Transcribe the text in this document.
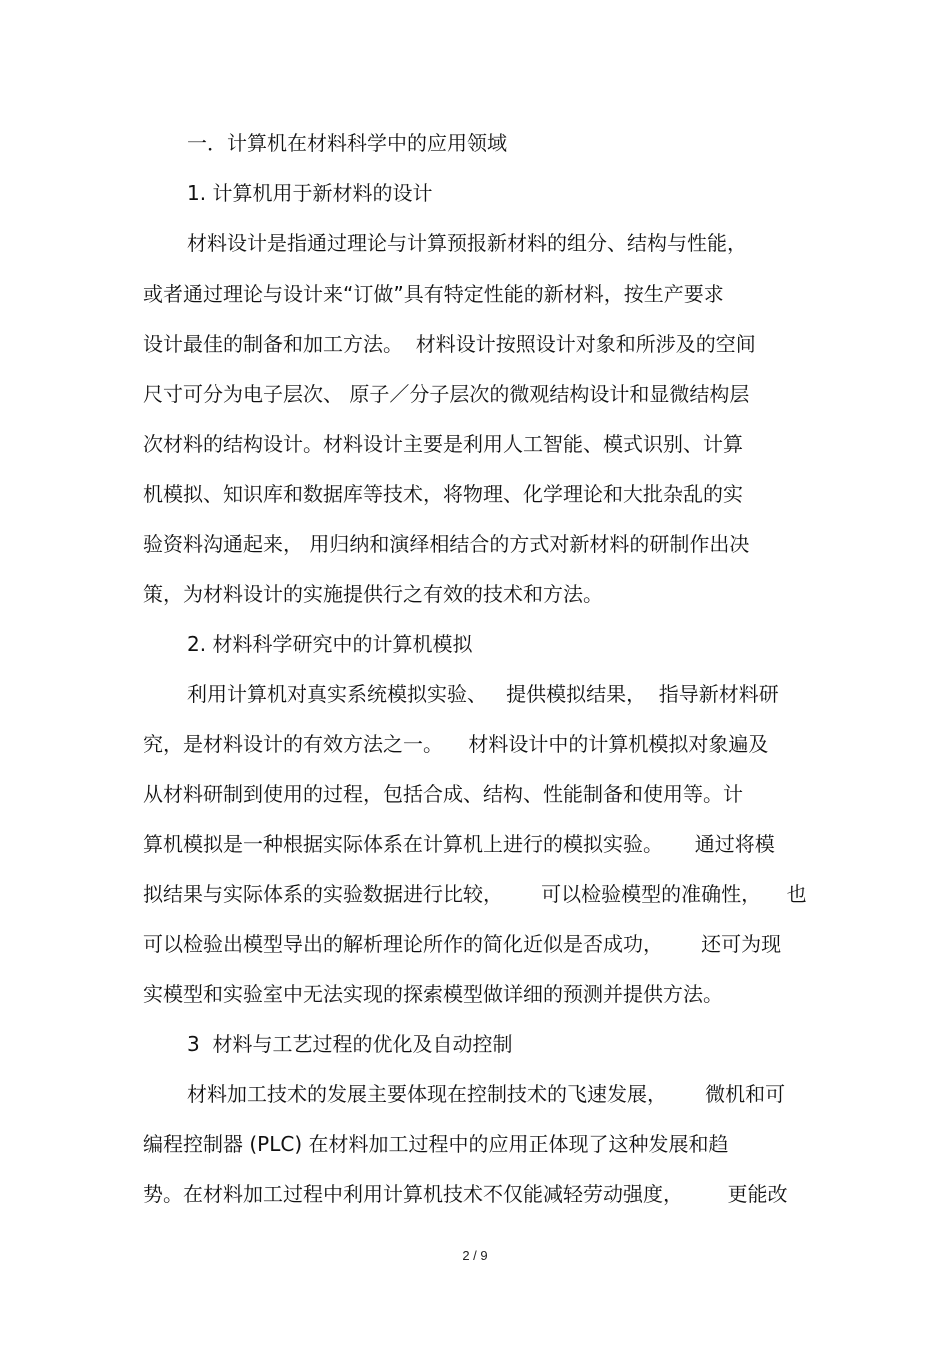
一．计算机在材料科学中的应用领域

1. 计算机用于新材料的设计

材料设计是指通过理论与计算预报新材料的组分、结构与性能，

或者通过理论与设计来“订做”具有特定性能的新材料，按生产要求

设计最佳的制备和加工方法。  材料设计按照设计对象和所涉及的空间

尺寸可分为电子层次、 原子／分子层次的微观结构设计和显微结构层

次材料的结构设计。材料设计主要是利用人工智能、模式识别、计算

机模拟、知识库和数据库等技术，将物理、化学理论和大批杂乱的实

验资料沟通起来， 用归纳和演绎相结合的方式对新材料的研制作出决

策，为材料设计的实施提供行之有效的技术和方法。

2. 材料科学研究中的计算机模拟

利用计算机对真实系统模拟实验、   提供模拟结果，  指导新材料研

究，是材料设计的有效方法之一。    材料设计中的计算机模拟对象遍及

从材料研制到使用的过程，包括合成、结构、性能制备和使用等。计

算机模拟是一种根据实际体系在计算机上进行的模拟实验。     通过将模

拟结果与实际体系的实验数据进行比较，      可以检验模型的准确性，    也

可以检验出模型导出的解析理论所作的简化近似是否成功，      还可为现

实模型和实验室中无法实现的探索模型做详细的预测并提供方法。

3  材料与工艺过程的优化及自动控制

材料加工技术的发展主要体现在控制技术的飞速发展，      微机和可

编程控制器 (PLC) 在材料加工过程中的应用正体现了这种发展和趋

势。在材料加工过程中利用计算机技术不仅能减轻劳动强度，       更能改

2 / 9
